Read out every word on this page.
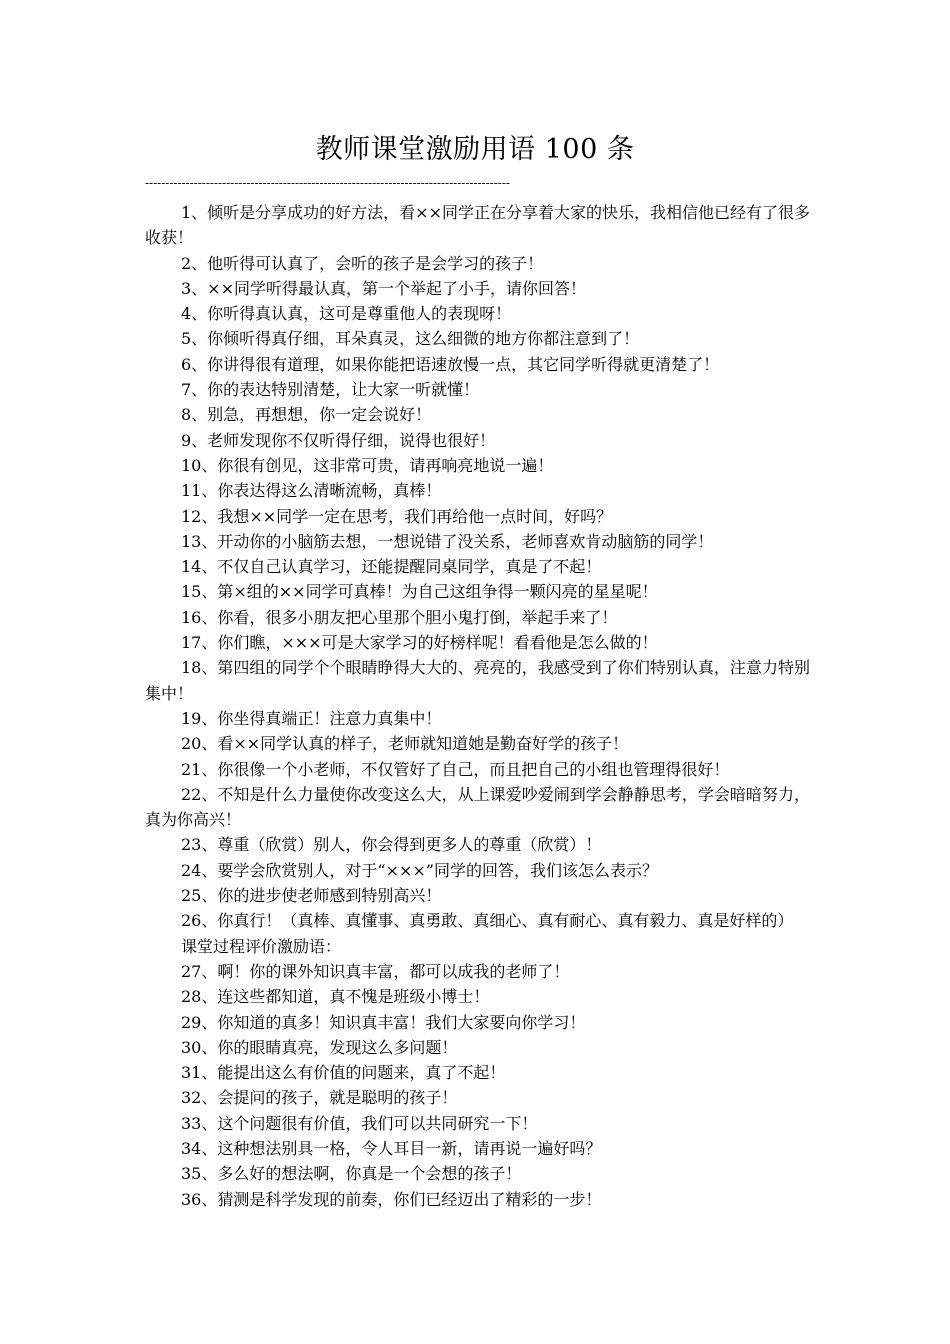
教师课堂激励用语 100 条
------------------------------------------------------------------------------------------

1、倾听是分享成功的好方法，看××同学正在分享着大家的快乐，我相信他已经有了很多收获！

2、他听得可认真了，会听的孩子是会学习的孩子！

3、××同学听得最认真，第一个举起了小手，请你回答！

4、你听得真认真，这可是尊重他人的表现呀！

5、你倾听得真仔细，耳朵真灵，这么细微的地方你都注意到了！

6、你讲得很有道理，如果你能把语速放慢一点，其它同学听得就更清楚了！

7、你的表达特别清楚，让大家一听就懂！

8、别急，再想想，你一定会说好！

9、老师发现你不仅听得仔细，说得也很好！

10、你很有创见，这非常可贵，请再响亮地说一遍！

11、你表达得这么清晰流畅，真棒！

12、我想××同学一定在思考，我们再给他一点时间，好吗？

13、开动你的小脑筋去想，一想说错了没关系，老师喜欢肯动脑筋的同学！

14、不仅自己认真学习，还能提醒同桌同学，真是了不起！

15、第×组的××同学可真棒！为自己这组争得一颗闪亮的星星呢！

16、你看，很多小朋友把心里那个胆小鬼打倒，举起手来了！

17、你们瞧，×××可是大家学习的好榜样呢！看看他是怎么做的！

18、第四组的同学个个眼睛睁得大大的、亮亮的，我感受到了你们特别认真，注意力特别集中！

19、你坐得真端正！注意力真集中！

20、看××同学认真的样子，老师就知道她是勤奋好学的孩子！

21、你很像一个小老师，不仅管好了自己，而且把自己的小组也管理得很好！

22、不知是什么力量使你改变这么大，从上课爱吵爱闹到学会静静思考，学会暗暗努力，真为你高兴！

23、尊重（欣赏）别人，你会得到更多人的尊重（欣赏）！

24、要学会欣赏别人，对于“×××”同学的回答，我们该怎么表示？

25、你的进步使老师感到特别高兴！

26、你真行！（真棒、真懂事、真勇敢、真细心、真有耐心、真有毅力、真是好样的）

课堂过程评价激励语：

27、啊！你的课外知识真丰富，都可以成我的老师了！

28、连这些都知道，真不愧是班级小博士！

29、你知道的真多！知识真丰富！我们大家要向你学习！

30、你的眼睛真亮，发现这么多问题！

31、能提出这么有价值的问题来，真了不起！

32、会提问的孩子，就是聪明的孩子！

33、这个问题很有价值，我们可以共同研究一下！

34、这种想法别具一格，令人耳目一新，请再说一遍好吗？

35、多么好的想法啊，你真是一个会想的孩子！

36、猜测是科学发现的前奏，你们已经迈出了精彩的一步！
